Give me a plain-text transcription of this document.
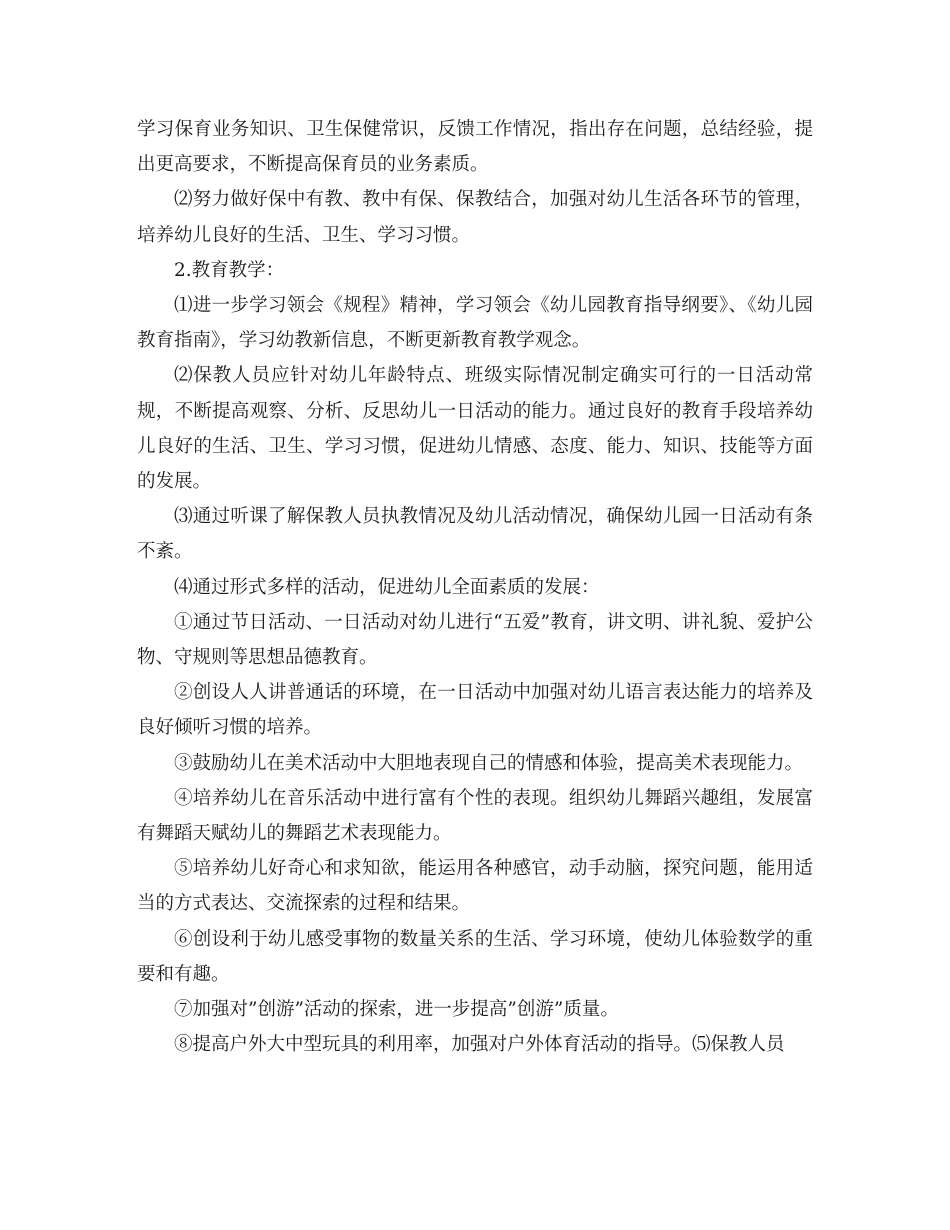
学习保育业务知识、卫生保健常识，反馈工作情况，指出存在问题，总结经验，提出更高要求，不断提高保育员的业务素质。

⑵努力做好保中有教、教中有保、保教结合，加强对幼儿生活各环节的管理，培养幼儿良好的生活、卫生、学习习惯。

2.教育教学：

⑴进一步学习领会《规程》精神，学习领会《幼儿园教育指导纲要》、《幼儿园教育指南》，学习幼教新信息，不断更新教育教学观念。

⑵保教人员应针对幼儿年龄特点、班级实际情况制定确实可行的一日活动常规，不断提高观察、分析、反思幼儿一日活动的能力。通过良好的教育手段培养幼儿良好的生活、卫生、学习习惯，促进幼儿情感、态度、能力、知识、技能等方面的发展。

⑶通过听课了解保教人员执教情况及幼儿活动情况，确保幼儿园一日活动有条不紊。

⑷通过形式多样的活动，促进幼儿全面素质的发展：

①通过节日活动、一日活动对幼儿进行“五爱”教育，讲文明、讲礼貌、爱护公物、守规则等思想品德教育。

②创设人人讲普通话的环境，在一日活动中加强对幼儿语言表达能力的培养及良好倾听习惯的培养。

③鼓励幼儿在美术活动中大胆地表现自己的情感和体验，提高美术表现能力。

④培养幼儿在音乐活动中进行富有个性的表现。组织幼儿舞蹈兴趣组，发展富有舞蹈天赋幼儿的舞蹈艺术表现能力。

⑤培养幼儿好奇心和求知欲，能运用各种感官，动手动脑，探究问题，能用适当的方式表达、交流探索的过程和结果。

⑥创设利于幼儿感受事物的数量关系的生活、学习环境，使幼儿体验数学的重要和有趣。

⑦加强对”创游”活动的探索，进一步提高”创游”质量。

⑧提高户外大中型玩具的利用率，加强对户外体育活动的指导。⑸保教人员
